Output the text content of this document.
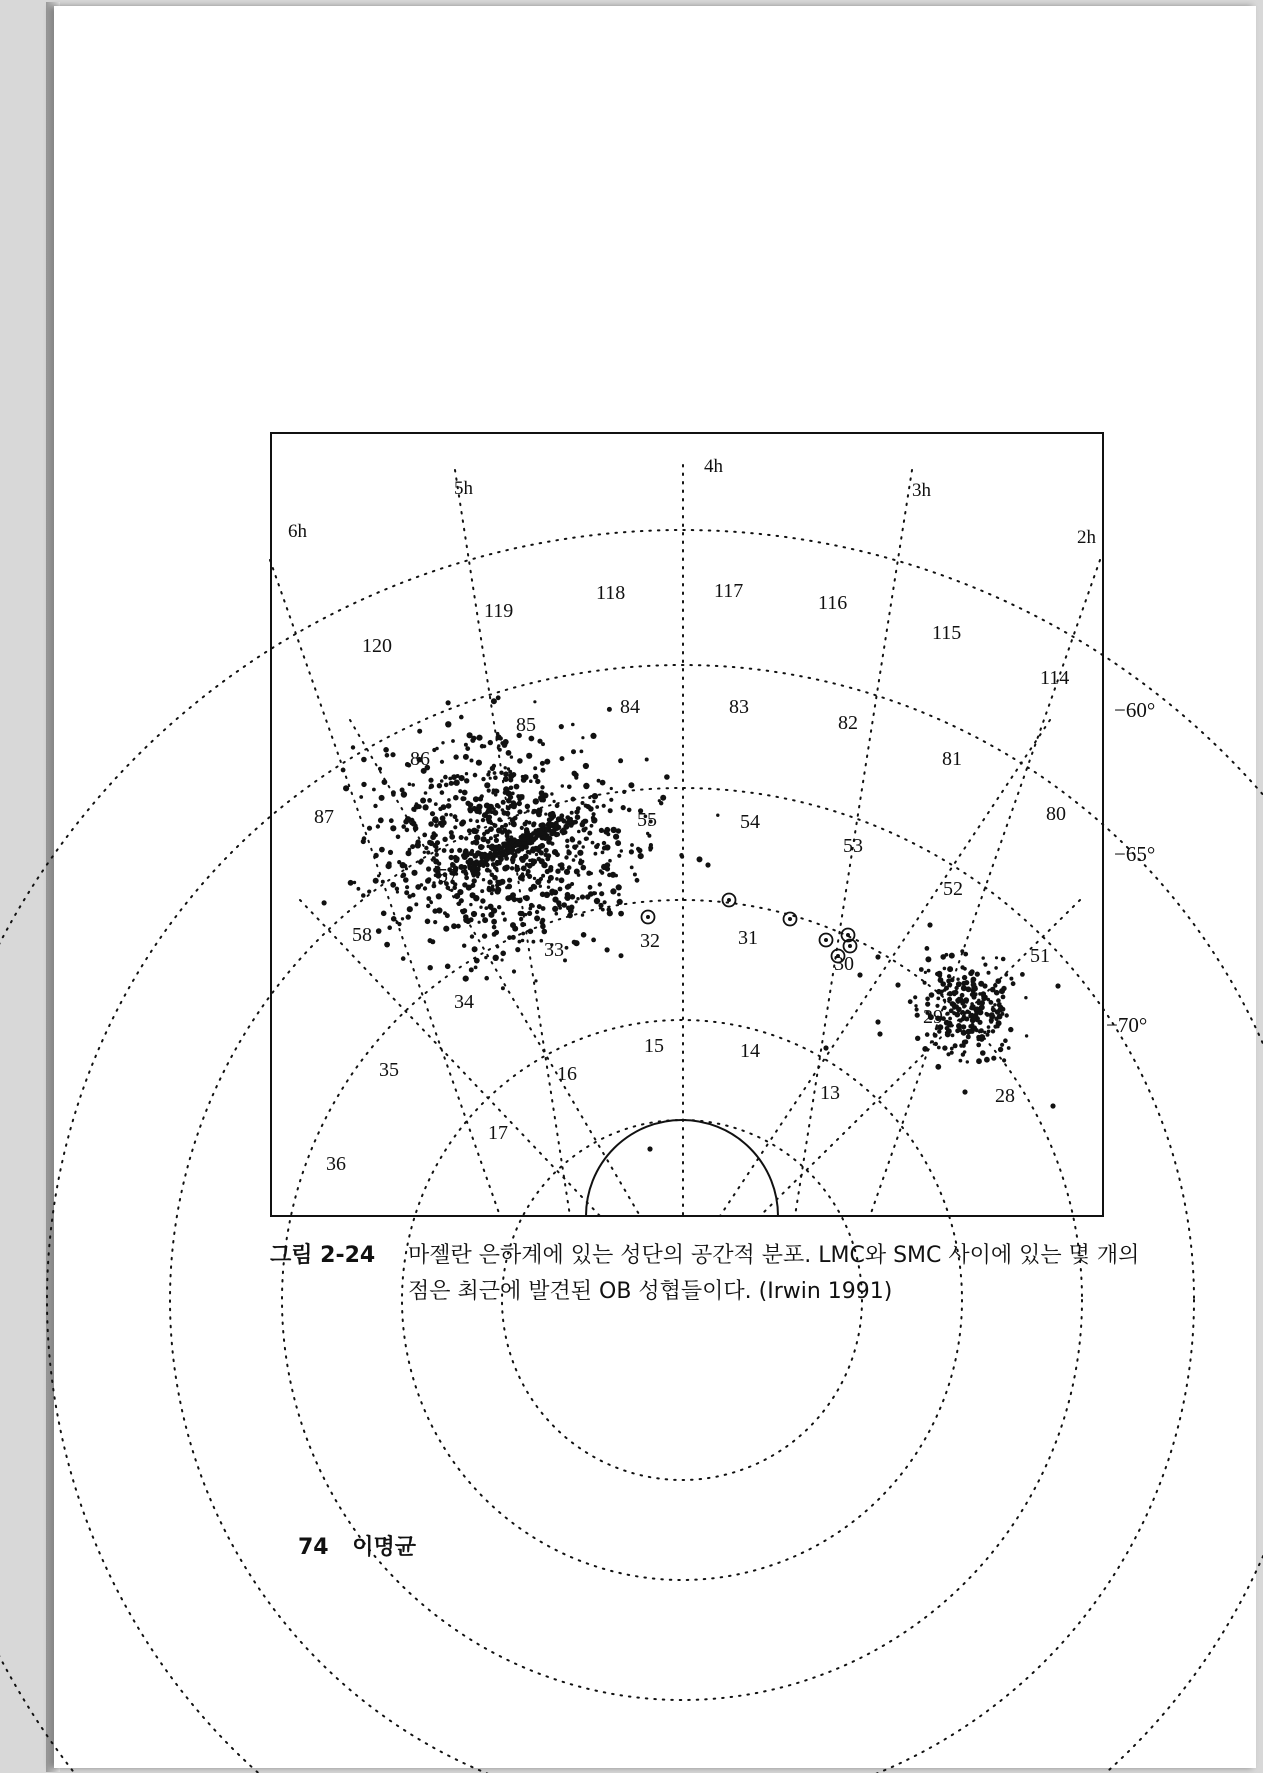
6h
5h
4h
3h
2h
−60°
−65°
−70°
120
119
118	117
116
115
114
87
86
85
84	83
82
81
80
58
57
55	54
53
52
34
33	32	31
30	51
29
28
36
35
17
16
15	14
13
그림 2-24 마젤란 은하계에 있는 성단의 공간적 분포. LMC와 SMC 사이에 있는 몇 개의 점은 최근에 발견된 OB 성협들이다. (Irwin 1991)
74 이명균
